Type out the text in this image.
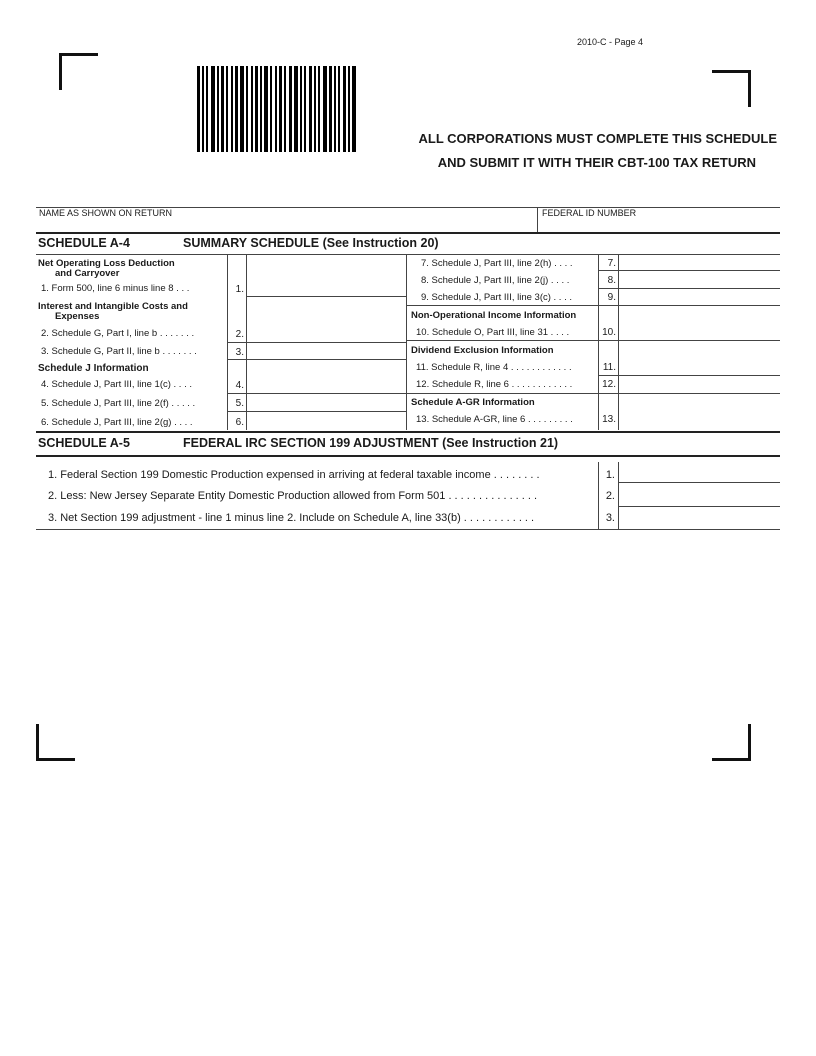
2010-C - Page 4
ALL CORPORATIONS MUST COMPLETE THIS SCHEDULE
AND SUBMIT IT WITH THEIR CBT-100 TAX RETURN
NAME AS SHOWN ON RETURN	FEDERAL ID NUMBER
SCHEDULE A-4	SUMMARY SCHEDULE (See Instruction 20)
Net Operating Loss Deduction
and Carryover
1. Form 500, line 6 minus line 8 . . .	1.
Interest and Intangible Costs and
Expenses
2. Schedule G, Part I, line b . . . . . . .	2.
3. Schedule G, Part II, line b . . . . . . .	3.
Schedule J Information
4. Schedule J, Part III, line 1(c) . . . .	4.
5. Schedule J, Part III, line 2(f) . . . . .	5.
6. Schedule J, Part III, line 2(g) . . . .	6.
7. Schedule J, Part III, line 2(h) . . . .	7.
8. Schedule J, Part III, line 2(j) . . . .	8.
9. Schedule J, Part III, line 3(c) . . . .	9.
Non-Operational Income Information
10. Schedule O, Part III, line 31 . . . .	10.
Dividend Exclusion Information
11. Schedule R, line 4 . . . . . . . . . . . .	11.
12. Schedule R, line 6 . . . . . . . . . . . .	12.
Schedule A-GR Information
13. Schedule A-GR, line 6 . . . . . . . . .	13.
SCHEDULE A-5	FEDERAL IRC SECTION 199 ADJUSTMENT (See Instruction 21)
1. Federal Section 199 Domestic Production expensed in arriving at federal taxable income . . . . . . . .	1.
2. Less: New Jersey Separate Entity Domestic Production allowed from Form 501 . . . . . . . . . . . . . . .	2.
3. Net Section 199 adjustment - line 1 minus line 2. Include on Schedule A, line 33(b) . . . . . . . . . . . .	3.
